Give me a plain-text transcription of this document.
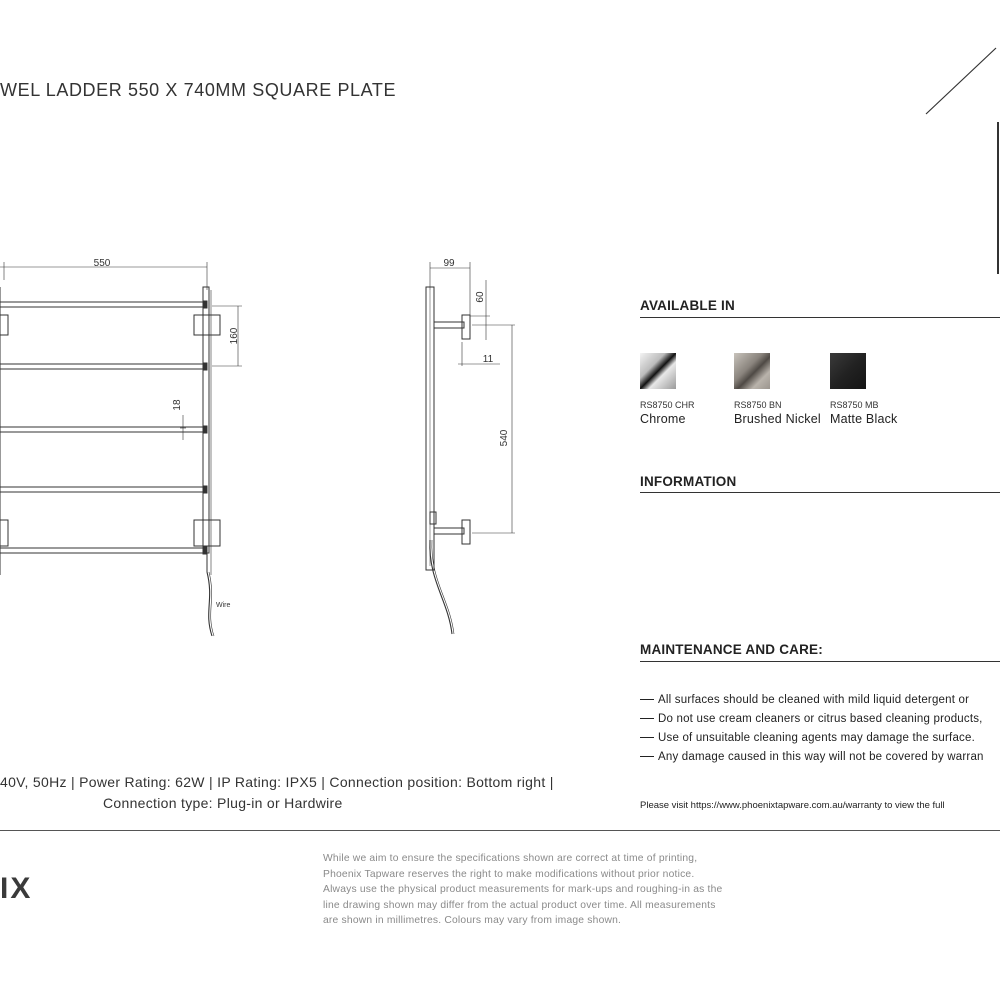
WEL LADDER 550 X 740MM SQUARE PLATE
550
160
18
Wire
99
60
11
540
AVAILABLE IN
RS8750 CHR
Chrome
RS8750 BN
Brushed Nickel
RS8750 MB
Matte Black
INFORMATION
MAINTENANCE AND CARE:
All surfaces should be cleaned with mild liquid detergent or
Do not use cream cleaners or citrus based cleaning products,
Use of unsuitable cleaning agents may damage the surface.
Any damage caused in this way will not be covered by warran
Please visit https://www.phoenixtapware.com.au/warranty to view the full
40V, 50Hz | Power Rating: 62W | IP Rating: IPX5 | Connection position: Bottom right |
Connection type: Plug-in or Hardwire
IX
While we aim to ensure the specifications shown are correct at time of printing,
Phoenix Tapware reserves the right to make modifications without prior notice.
Always use the physical product measurements for mark-ups and roughing-in as the
line drawing shown may differ from the actual product over time. All measurements
are shown in millimetres. Colours may vary from image shown.
